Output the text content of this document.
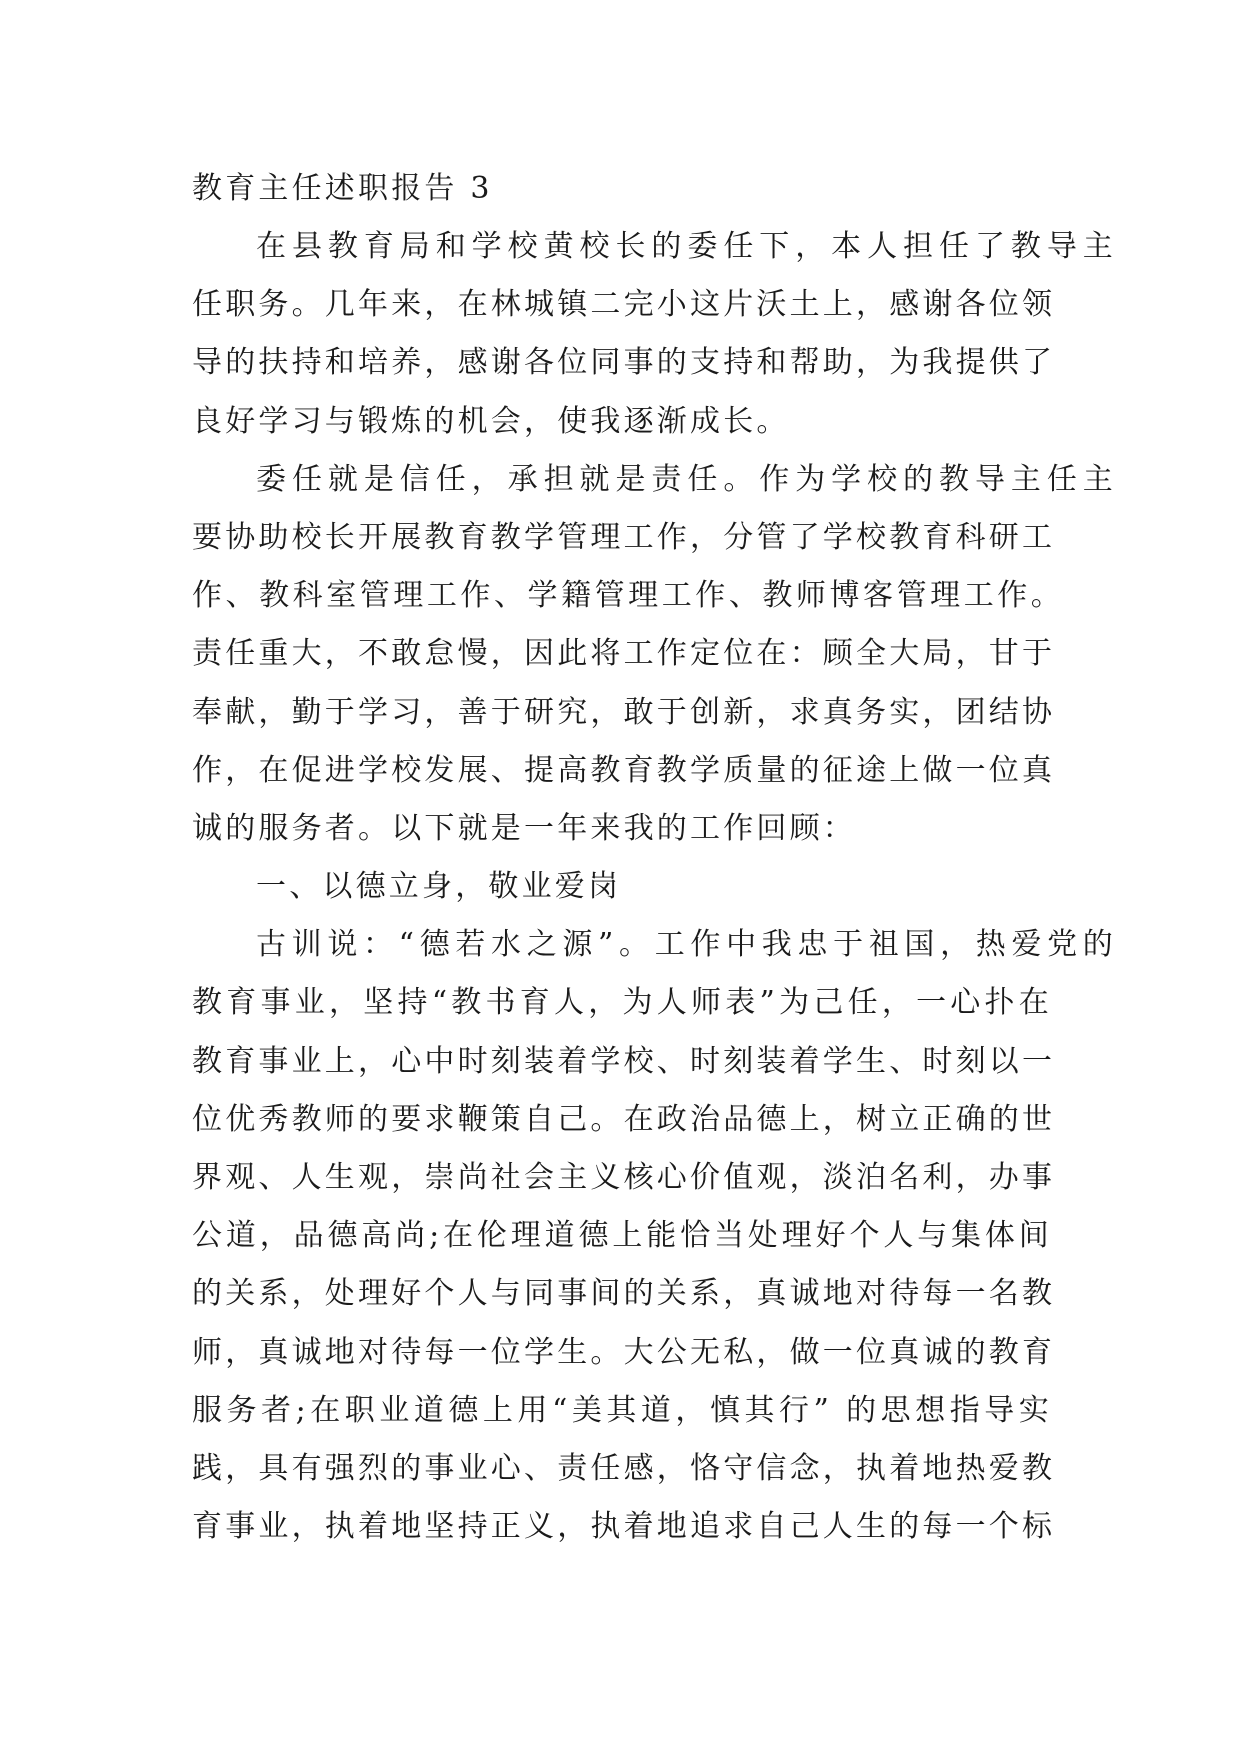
教育主任述职报告 3
在县教育局和学校黄校长的委任下，本人担任了教导主
任职务。几年来，在林城镇二完小这片沃土上，感谢各位领
导的扶持和培养，感谢各位同事的支持和帮助，为我提供了
良好学习与锻炼的机会，使我逐渐成长。
委任就是信任，承担就是责任。作为学校的教导主任主
要协助校长开展教育教学管理工作，分管了学校教育科研工
作、教科室管理工作、学籍管理工作、教师博客管理工作。
责任重大，不敢怠慢，因此将工作定位在：顾全大局，甘于
奉献，勤于学习，善于研究，敢于创新，求真务实，团结协
作，在促进学校发展、提高教育教学质量的征途上做一位真
诚的服务者。以下就是一年来我的工作回顾：
一、以德立身，敬业爱岗
古训说：“德若水之源”。工作中我忠于祖国，热爱党的
教育事业，坚持“教书育人，为人师表”为己任，一心扑在
教育事业上，心中时刻装着学校、时刻装着学生、时刻以一
位优秀教师的要求鞭策自己。在政治品德上，树立正确的世
界观、人生观，崇尚社会主义核心价值观，淡泊名利，办事
公道，品德高尚;在伦理道德上能恰当处理好个人与集体间
的关系，处理好个人与同事间的关系，真诚地对待每一名教
师，真诚地对待每一位学生。大公无私，做一位真诚的教育
服务者;在职业道德上用“美其道，慎其行” 的思想指导实
践，具有强烈的事业心、责任感，恪守信念，执着地热爱教
育事业，执着地坚持正义，执着地追求自己人生的每一个标
